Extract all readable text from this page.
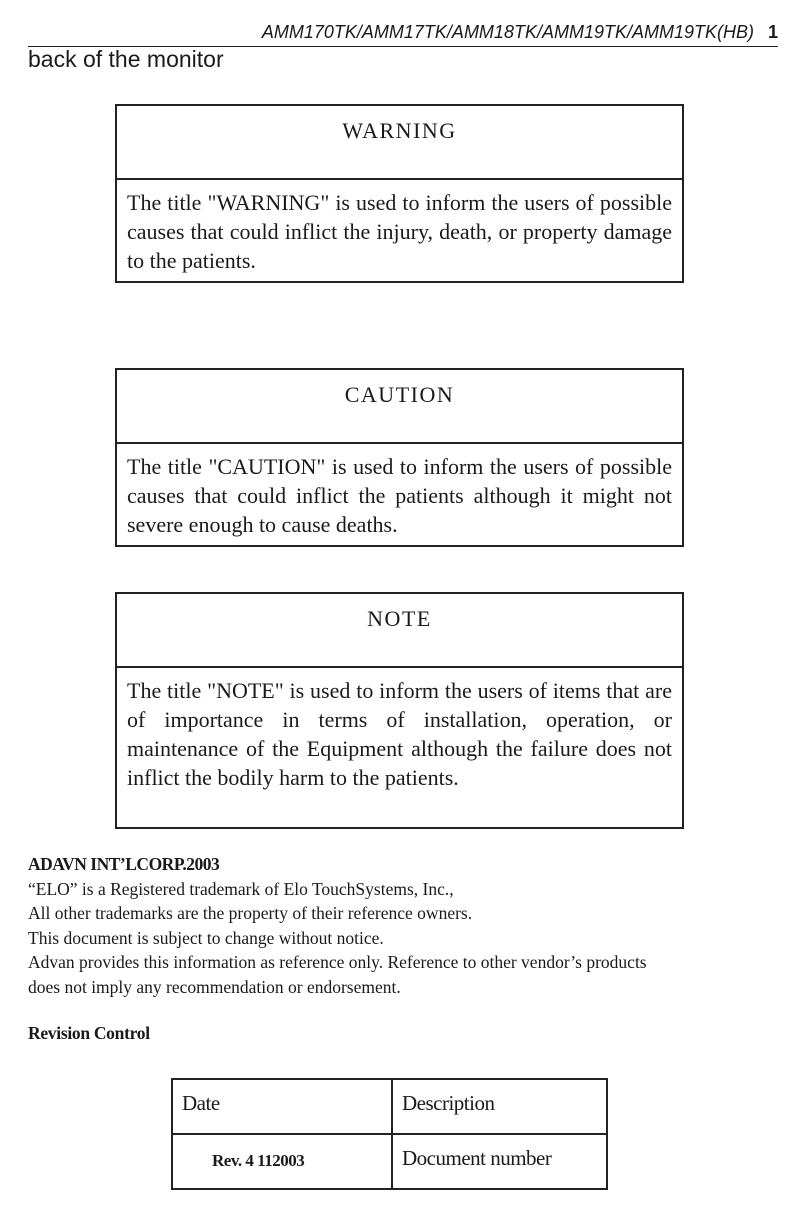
AMM170TK/AMM17TK/AMM18TK/AMM19TK/AMM19TK(HB) 1
back of the monitor
WARNING
The title "WARNING" is used to inform the users of possible causes that could inflict the injury, death, or property damage to the patients.
CAUTION
The title "CAUTION" is used to inform the users of possible causes that could inflict the patients although it might not severe enough to cause deaths.
NOTE
The title "NOTE" is used to inform the users of items that are of importance in terms of installation, operation, or maintenance of the Equipment although the failure does not inflict the bodily harm to the patients.
ADAVN INT’LCORP.2003
“ELO” is a Registered trademark of Elo TouchSystems, Inc.,
All other trademarks are the property of their reference owners.
This document is subject to change without notice.
Advan provides this information as reference only. Reference to other vendor’s products
does not imply any recommendation or endorsement.
Revision Control
Date	Description

Rev. 4 112003	Document number
